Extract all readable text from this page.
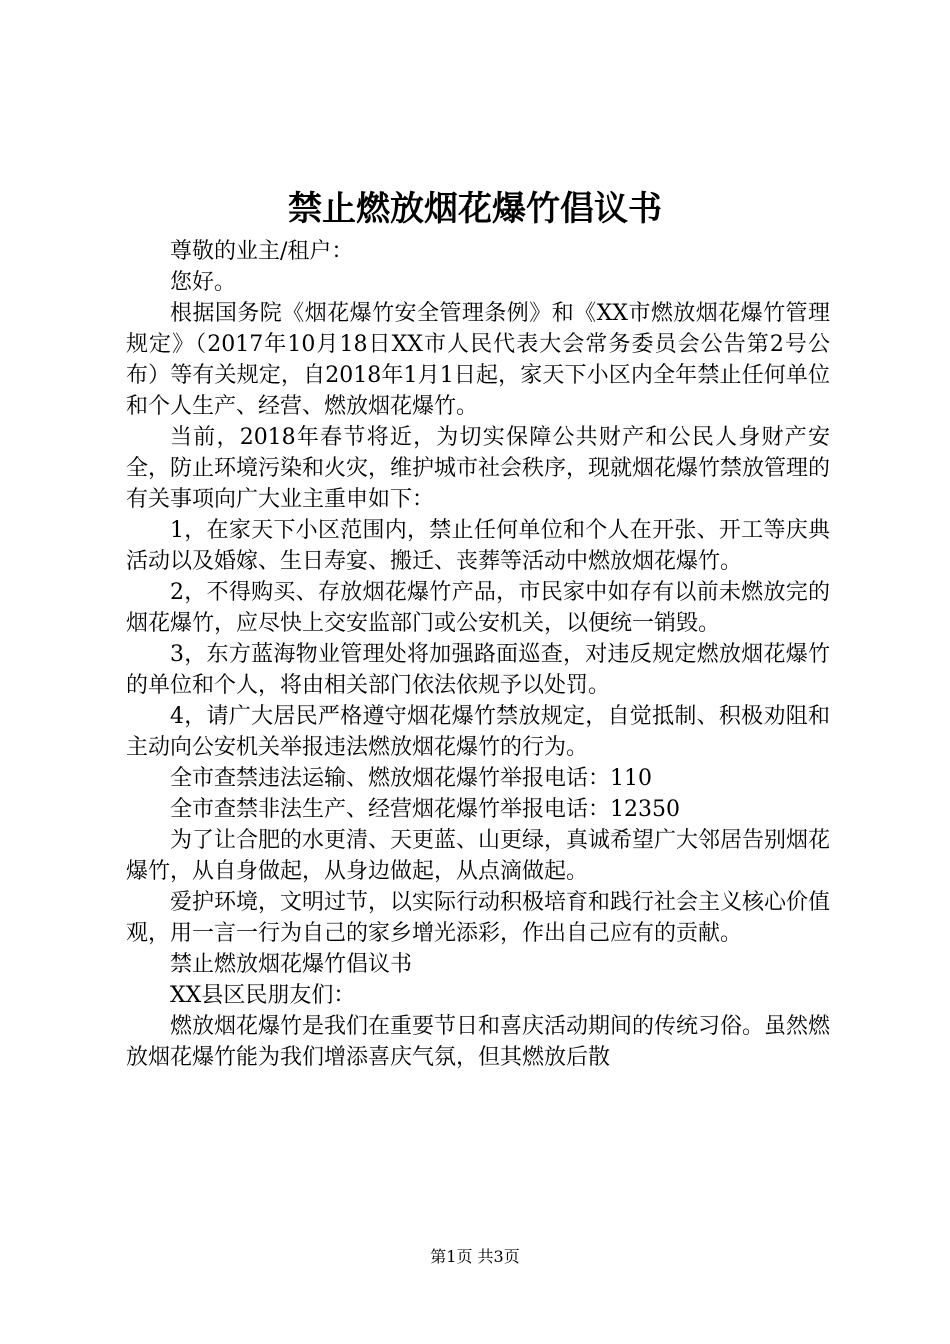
禁止燃放烟花爆竹倡议书

尊敬的业主/租户：

您好。

根据国务院《烟花爆竹安全管理条例》和《XX市燃放烟花爆竹管理规定》（2017年10月18日XX市人民代表大会常务委员会公告第2号公布）等有关规定，自2018年1月1日起，家天下小区内全年禁止任何单位和个人生产、经营、燃放烟花爆竹。

当前，2018年春节将近，为切实保障公共财产和公民人身财产安全，防止环境污染和火灾，维护城市社会秩序，现就烟花爆竹禁放管理的有关事项向广大业主重申如下：

1，在家天下小区范围内，禁止任何单位和个人在开张、开工等庆典活动以及婚嫁、生日寿宴、搬迁、丧葬等活动中燃放烟花爆竹。

2，不得购买、存放烟花爆竹产品，市民家中如存有以前未燃放完的烟花爆竹，应尽快上交安监部门或公安机关，以便统一销毁。

3，东方蓝海物业管理处将加强路面巡查，对违反规定燃放烟花爆竹的单位和个人，将由相关部门依法依规予以处罚。

4，请广大居民严格遵守烟花爆竹禁放规定，自觉抵制、积极劝阻和主动向公安机关举报违法燃放烟花爆竹的行为。

全市查禁违法运输、燃放烟花爆竹举报电话：110

全市查禁非法生产、经营烟花爆竹举报电话：12350

为了让合肥的水更清、天更蓝、山更绿，真诚希望广大邻居告别烟花爆竹，从自身做起，从身边做起，从点滴做起。

爱护环境，文明过节，以实际行动积极培育和践行社会主义核心价值观，用一言一行为自己的家乡增光添彩，作出自己应有的贡献。

禁止燃放烟花爆竹倡议书

XX县区民朋友们：

燃放烟花爆竹是我们在重要节日和喜庆活动期间的传统习俗。虽然燃放烟花爆竹能为我们增添喜庆气氛，但其燃放后散

第1页 共3页
